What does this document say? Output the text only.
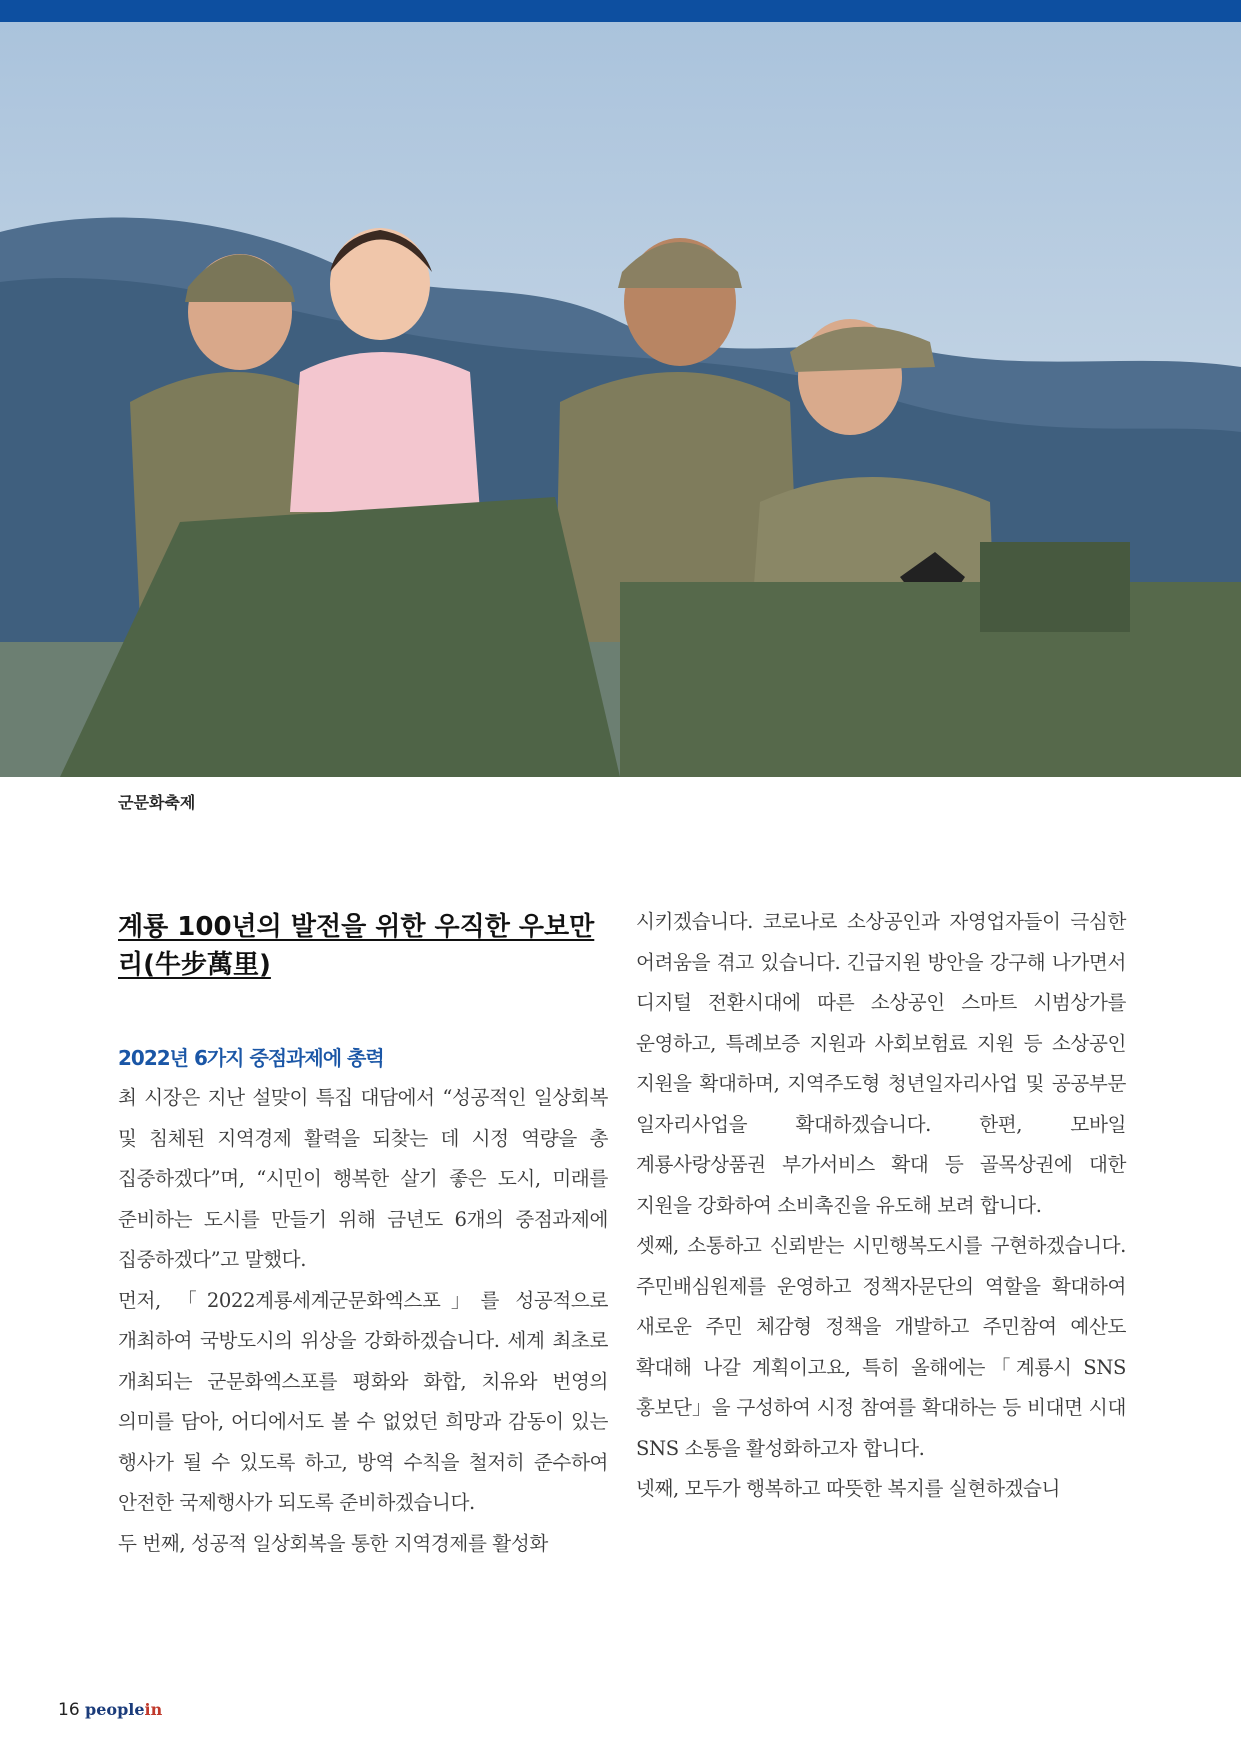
군문화축제
계룡 100년의 발전을 위한 우직한 우보만리(牛步萬里)
2022년 6가지 중점과제에 총력

최 시장은 지난 설맞이 특집 대담에서 “성공적인 일상회복 및 침체된 지역경제 활력을 되찾는 데 시정 역량을 총 집중하겠다”며, “시민이 행복한 살기 좋은 도시, 미래를 준비하는 도시를 만들기 위해 금년도 6개의 중점과제에 집중하겠다”고 말했다.

먼저, 「2022계룡세계군문화엑스포」를 성공적으로 개최하여 국방도시의 위상을 강화하겠습니다. 세계 최초로 개최되는 군문화엑스포를 평화와 화합, 치유와 번영의 의미를 담아, 어디에서도 볼 수 없었던 희망과 감동이 있는 행사가 될 수 있도록 하고, 방역 수칙을 철저히 준수하여 안전한 국제행사가 되도록 준비하겠습니다.

두 번째, 성공적 일상회복을 통한 지역경제를 활성화

시키겠습니다. 코로나로 소상공인과 자영업자들이 극심한 어려움을 겪고 있습니다. 긴급지원 방안을 강구해 나가면서 디지털 전환시대에 따른 소상공인 스마트 시범상가를 운영하고, 특례보증 지원과 사회보험료 지원 등 소상공인 지원을 확대하며, 지역주도형 청년일자리사업 및 공공부문 일자리사업을 확대하겠습니다. 한편, 모바일 계룡사랑상품권 부가서비스 확대 등 골목상권에 대한 지원을 강화하여 소비촉진을 유도해 보려 합니다.

셋째, 소통하고 신뢰받는 시민행복도시를 구현하겠습니다. 주민배심원제를 운영하고 정책자문단의 역할을 확대하여 새로운 주민 체감형 정책을 개발하고 주민참여 예산도 확대해 나갈 계획이고요, 특히 올해에는「계룡시 SNS 홍보단」을 구성하여 시정 참여를 확대하는 등 비대면 시대 SNS 소통을 활성화하고자 합니다.

넷째, 모두가 행복하고 따뜻한 복지를 실현하겠습니

16 peoplein
